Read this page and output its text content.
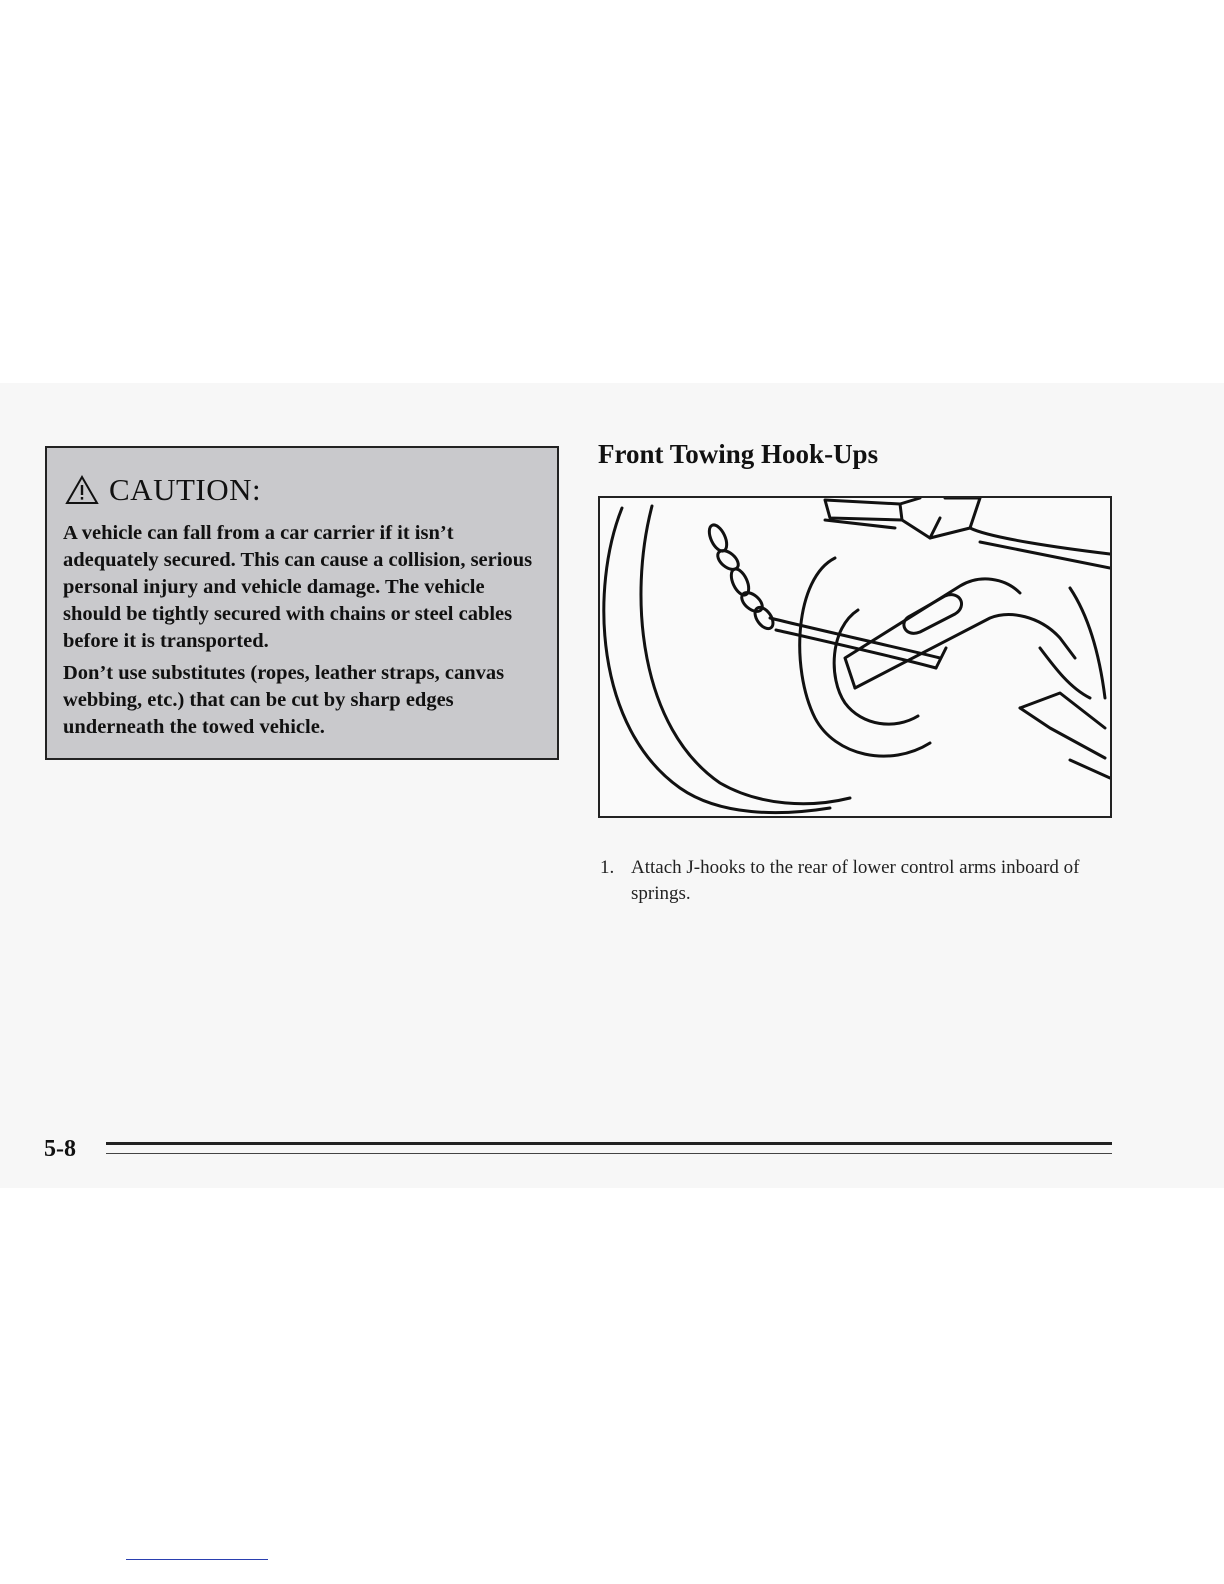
CAUTION:

A vehicle can fall from a car carrier if it isn’t adequately secured. This can cause a collision, serious personal injury and vehicle damage. The vehicle should be tightly secured with chains or steel cables before it is transported.

Don’t use substitutes (ropes, leather straps, canvas webbing, etc.) that can be cut by sharp edges underneath the towed vehicle.

Front Towing Hook-Ups
1. Attach J-hooks to the rear of lower control arms inboard of springs.
5-8
